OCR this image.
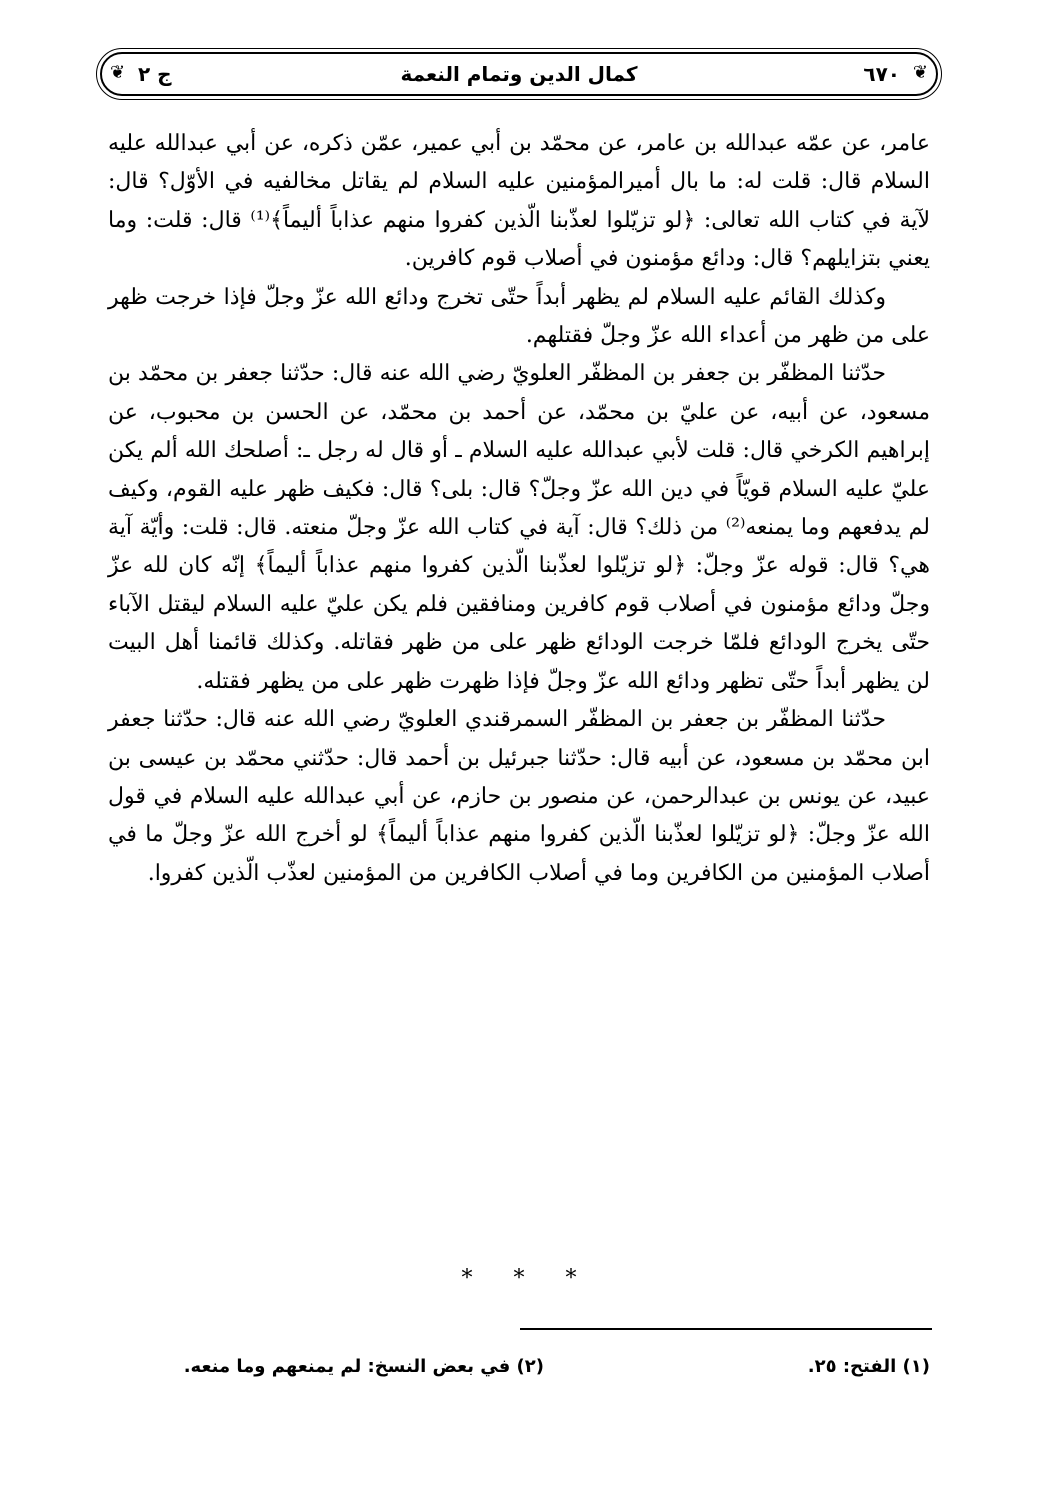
❦
٦٧٠
كمال الدين وتمام النعمة
ج ٢
❦

عامر، عن عمّه عبدالله بن عامر، عن محمّد بن أبي عمير، عمّن ذكره، عن أبي عبدالله عليه السلام قال: قلت له: ما بال أميرالمؤمنين عليه السلام لم يقاتل مخالفيه في الأوّل؟ قال: لآية في كتاب الله تعالى: ﴿لو تزيّلوا لعذّبنا الّذين كفروا منهم عذاباً أليماً﴾⁽¹⁾ قال: قلت: وما يعني بتزايلهم؟ قال: ودائع مؤمنون في أصلاب قوم كافرين.

وكذلك القائم عليه السلام لم يظهر أبداً حتّى تخرج ودائع الله عزّ وجلّ فإذا خرجت ظهر على من ظهر من أعداء الله عزّ وجلّ فقتلهم.

حدّثنا المظفّر بن جعفر بن المظفّر العلويّ رضي الله عنه قال: حدّثنا جعفر بن محمّد بن مسعود، عن أبيه، عن عليّ بن محمّد، عن أحمد بن محمّد، عن الحسن بن محبوب، عن إبراهيم الكرخي قال: قلت لأبي عبدالله عليه السلام ـ أو قال له رجل ـ: أصلحك الله ألم يكن عليّ عليه السلام قويّاً في دين الله عزّ وجلّ؟ قال: بلى؟ قال: فكيف ظهر عليه القوم، وكيف لم يدفعهم وما يمنعه⁽²⁾ من ذلك؟ قال: آية في كتاب الله عزّ وجلّ منعته. قال: قلت: وأيّة آية هي؟ قال: قوله عزّ وجلّ: ﴿لو تزيّلوا لعذّبنا الّذين كفروا منهم عذاباً أليماً﴾ إنّه كان لله عزّ وجلّ ودائع مؤمنون في أصلاب قوم كافرين ومنافقين فلم يكن عليّ عليه السلام ليقتل الآباء حتّى يخرج الودائع فلمّا خرجت الودائع ظهر على من ظهر فقاتله. وكذلك قائمنا أهل البيت لن يظهر أبداً حتّى تظهر ودائع الله عزّ وجلّ فإذا ظهرت ظهر على من يظهر فقتله.

حدّثنا المظفّر بن جعفر بن المظفّر السمرقندي العلويّ رضي الله عنه قال: حدّثنا جعفر ابن محمّد بن مسعود، عن أبيه قال: حدّثنا جبرئيل بن أحمد قال: حدّثني محمّد بن عيسى بن عبيد، عن يونس بن عبدالرحمن، عن منصور بن حازم، عن أبي عبدالله عليه السلام في قول الله عزّ وجلّ: ﴿لو تزيّلوا لعذّبنا الّذين كفروا منهم عذاباً أليماً﴾ لو أخرج الله عزّ وجلّ ما في أصلاب المؤمنين من الكافرين وما في أصلاب الكافرين من المؤمنين لعذّب الّذين كفروا.

* * *
(١) الفتح: ٢٥.
(٢) في بعض النسخ: لم يمنعهم وما منعه.
